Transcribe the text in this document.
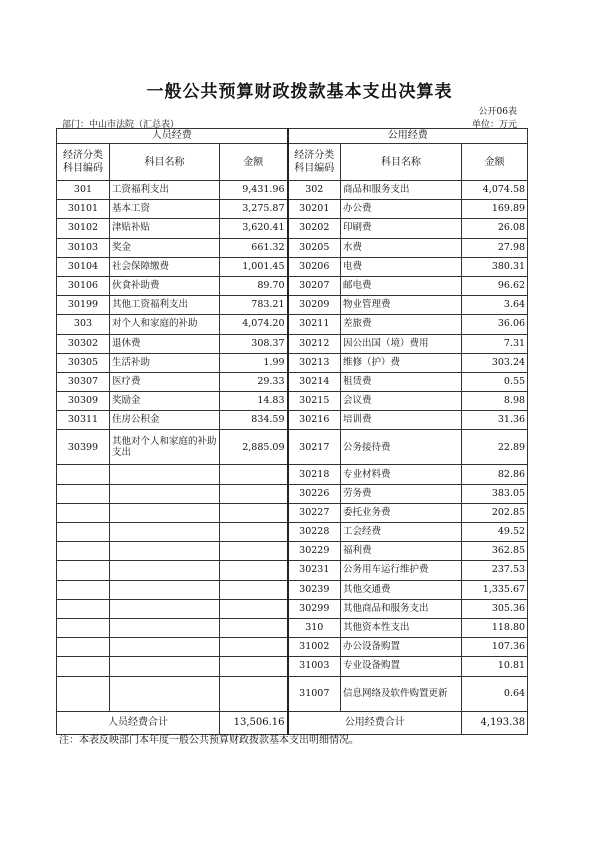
一般公共预算财政拨款基本支出决算表
公开06表
部门：中山市法院（汇总表）	单位：万元
人员经费			公用经费		
经济分类科目编码	科目名称	金额	经济分类科目编码	科目名称	金额
301	工资福利支出	9,431.96	302	商品和服务支出	4,074.58
30101	基本工资	3,275.87	30201	办公费	169.89
30102	津贴补贴	3,620.41	30202	印刷费	26.08
30103	奖金	661.32	30205	水费	27.98
30104	社会保障缴费	1,001.45	30206	电费	380.31
30106	伙食补助费	89.70	30207	邮电费	96.62
30199	其他工资福利支出	783.21	30209	物业管理费	3.64
303	对个人和家庭的补助	4,074.20	30211	差旅费	36.06
30302	退休费	308.37	30212	因公出国（境）费用	7.31
30305	生活补助	1.99	30213	维修（护）费	303.24
30307	医疗费	29.33	30214	租赁费	0.55
30309	奖励金	14.83	30215	会议费	8.98
30311	住房公积金	834.59	30216	培训费	31.36
30399	其他对个人和家庭的补助支出	2,885.09	30217	公务接待费	22.89
			30218	专业材料费	82.86
			30226	劳务费	383.05
			30227	委托业务费	202.85
			30228	工会经费	49.52
			30229	福利费	362.85
			30231	公务用车运行维护费	237.53
			30239	其他交通费	1,335.67
			30299	其他商品和服务支出	305.36
			310	其他资本性支出	118.80
			31002	办公设备购置	107.36
			31003	专业设备购置	10.81
			31007	信息网络及软件购置更新	0.64
人员经费合计		13,506.16	公用经费合计		4,193.38
注：本表反映部门本年度一般公共预算财政拨款基本支出明细情况。
